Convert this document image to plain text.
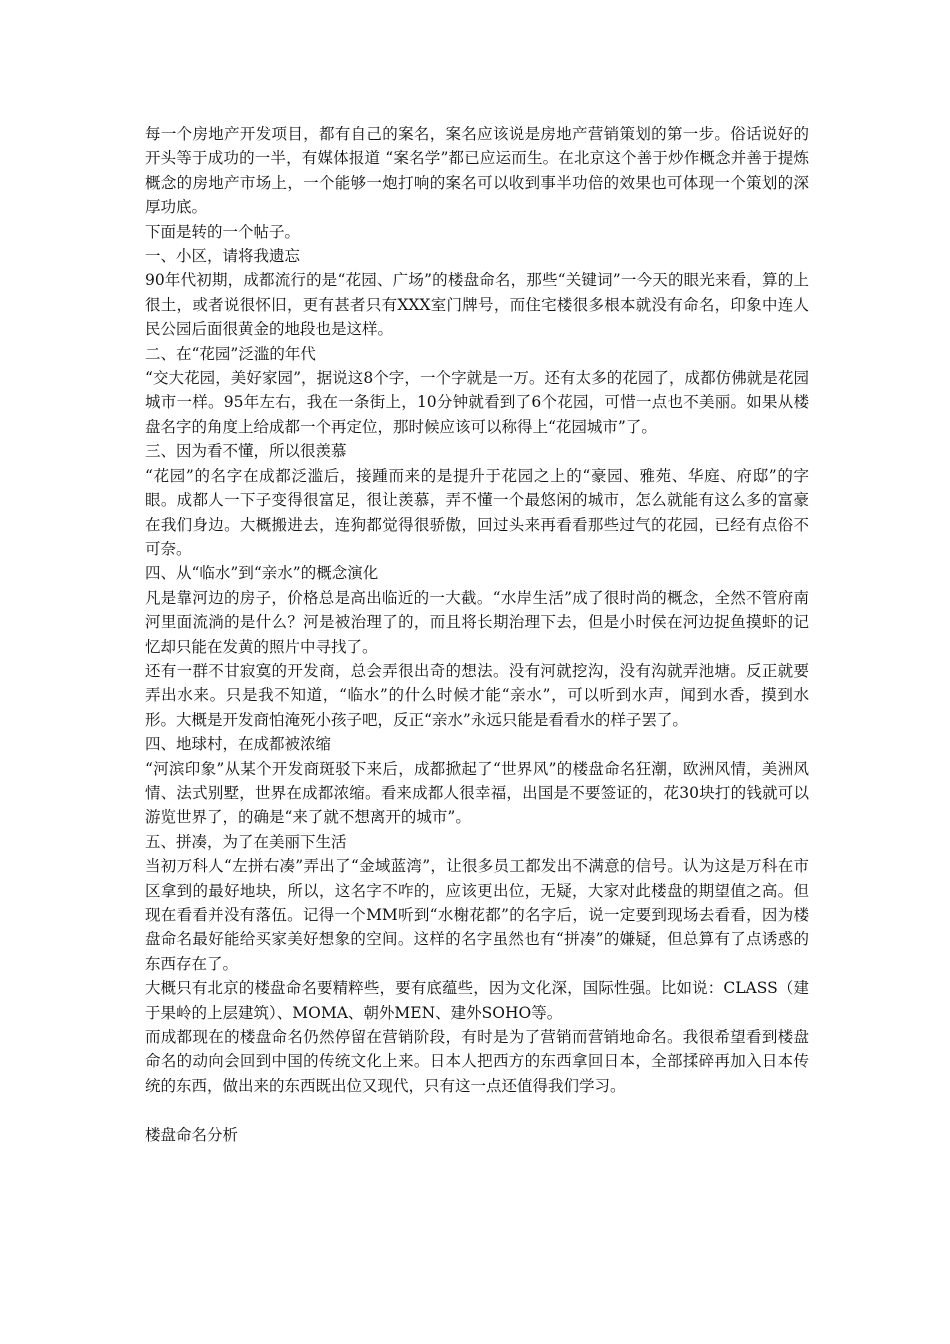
每一个房地产开发项目，都有自己的案名，案名应该说是房地产营销策划的第一步。俗话说好的开头等于成功的一半，有媒体报道 “案名学”都已应运而生。在北京这个善于炒作概念并善于提炼概念的房地产市场上，一个能够一炮打响的案名可以收到事半功倍的效果也可体现一个策划的深厚功底。

下面是转的一个帖子。

一、小区，请将我遗忘

90年代初期，成都流行的是“花园、广场”的楼盘命名，那些“关键词”一今天的眼光来看，算的上很土，或者说很怀旧，更有甚者只有XXX室门牌号，而住宅楼很多根本就没有命名，印象中连人民公园后面很黄金的地段也是这样。

二、在“花园”泛滥的年代

“交大花园，美好家园”，据说这8个字，一个字就是一万。还有太多的花园了，成都仿佛就是花园城市一样。95年左右，我在一条街上，10分钟就看到了6个花园，可惜一点也不美丽。如果从楼盘名字的角度上给成都一个再定位，那时候应该可以称得上“花园城市”了。

三、因为看不懂，所以很羡慕

“花园”的名字在成都泛滥后，接踵而来的是提升于花园之上的“豪园、雅苑、华庭、府邸”的字眼。成都人一下子变得很富足，很让羡慕，弄不懂一个最悠闲的城市，怎么就能有这么多的富豪在我们身边。大概搬进去，连狗都觉得很骄傲，回过头来再看看那些过气的花园，已经有点俗不可奈。

四、从“临水”到“亲水”的概念演化

凡是靠河边的房子，价格总是高出临近的一大截。“水岸生活”成了很时尚的概念，全然不管府南河里面流淌的是什么？河是被治理了的，而且将长期治理下去，但是小时侯在河边捉鱼摸虾的记忆却只能在发黄的照片中寻找了。

还有一群不甘寂寞的开发商，总会弄很出奇的想法。没有河就挖沟，没有沟就弄池塘。反正就要弄出水来。只是我不知道，“临水”的什么时候才能“亲水”，可以听到水声，闻到水香，摸到水形。大概是开发商怕淹死小孩子吧，反正“亲水”永远只能是看看水的样子罢了。

四、地球村，在成都被浓缩

“河滨印象”从某个开发商斑驳下来后，成都掀起了“世界风”的楼盘命名狂潮，欧洲风情，美洲风情、法式别墅，世界在成都浓缩。看来成都人很幸福，出国是不要签证的，花30块打的钱就可以游览世界了，的确是“来了就不想离开的城市”。

五、拼凑，为了在美丽下生活

当初万科人“左拼右凑”弄出了“金域蓝湾”，让很多员工都发出不满意的信号。认为这是万科在市区拿到的最好地块，所以，这名字不咋的，应该更出位，无疑，大家对此楼盘的期望值之高。但现在看看并没有落伍。记得一个MM听到“水榭花都”的名字后，说一定要到现场去看看，因为楼盘命名最好能给买家美好想象的空间。这样的名字虽然也有“拼凑”的嫌疑，但总算有了点诱惑的东西存在了。

大概只有北京的楼盘命名要精粹些，要有底蕴些，因为文化深，国际性强。比如说：CLASS（建于果岭的上层建筑）、MOMA、朝外MEN、建外SOHO等。

而成都现在的楼盘命名仍然停留在营销阶段，有时是为了营销而营销地命名。我很希望看到楼盘命名的动向会回到中国的传统文化上来。日本人把西方的东西拿回日本，全部揉碎再加入日本传统的东西，做出来的东西既出位又现代，只有这一点还值得我们学习。

楼盘命名分析
